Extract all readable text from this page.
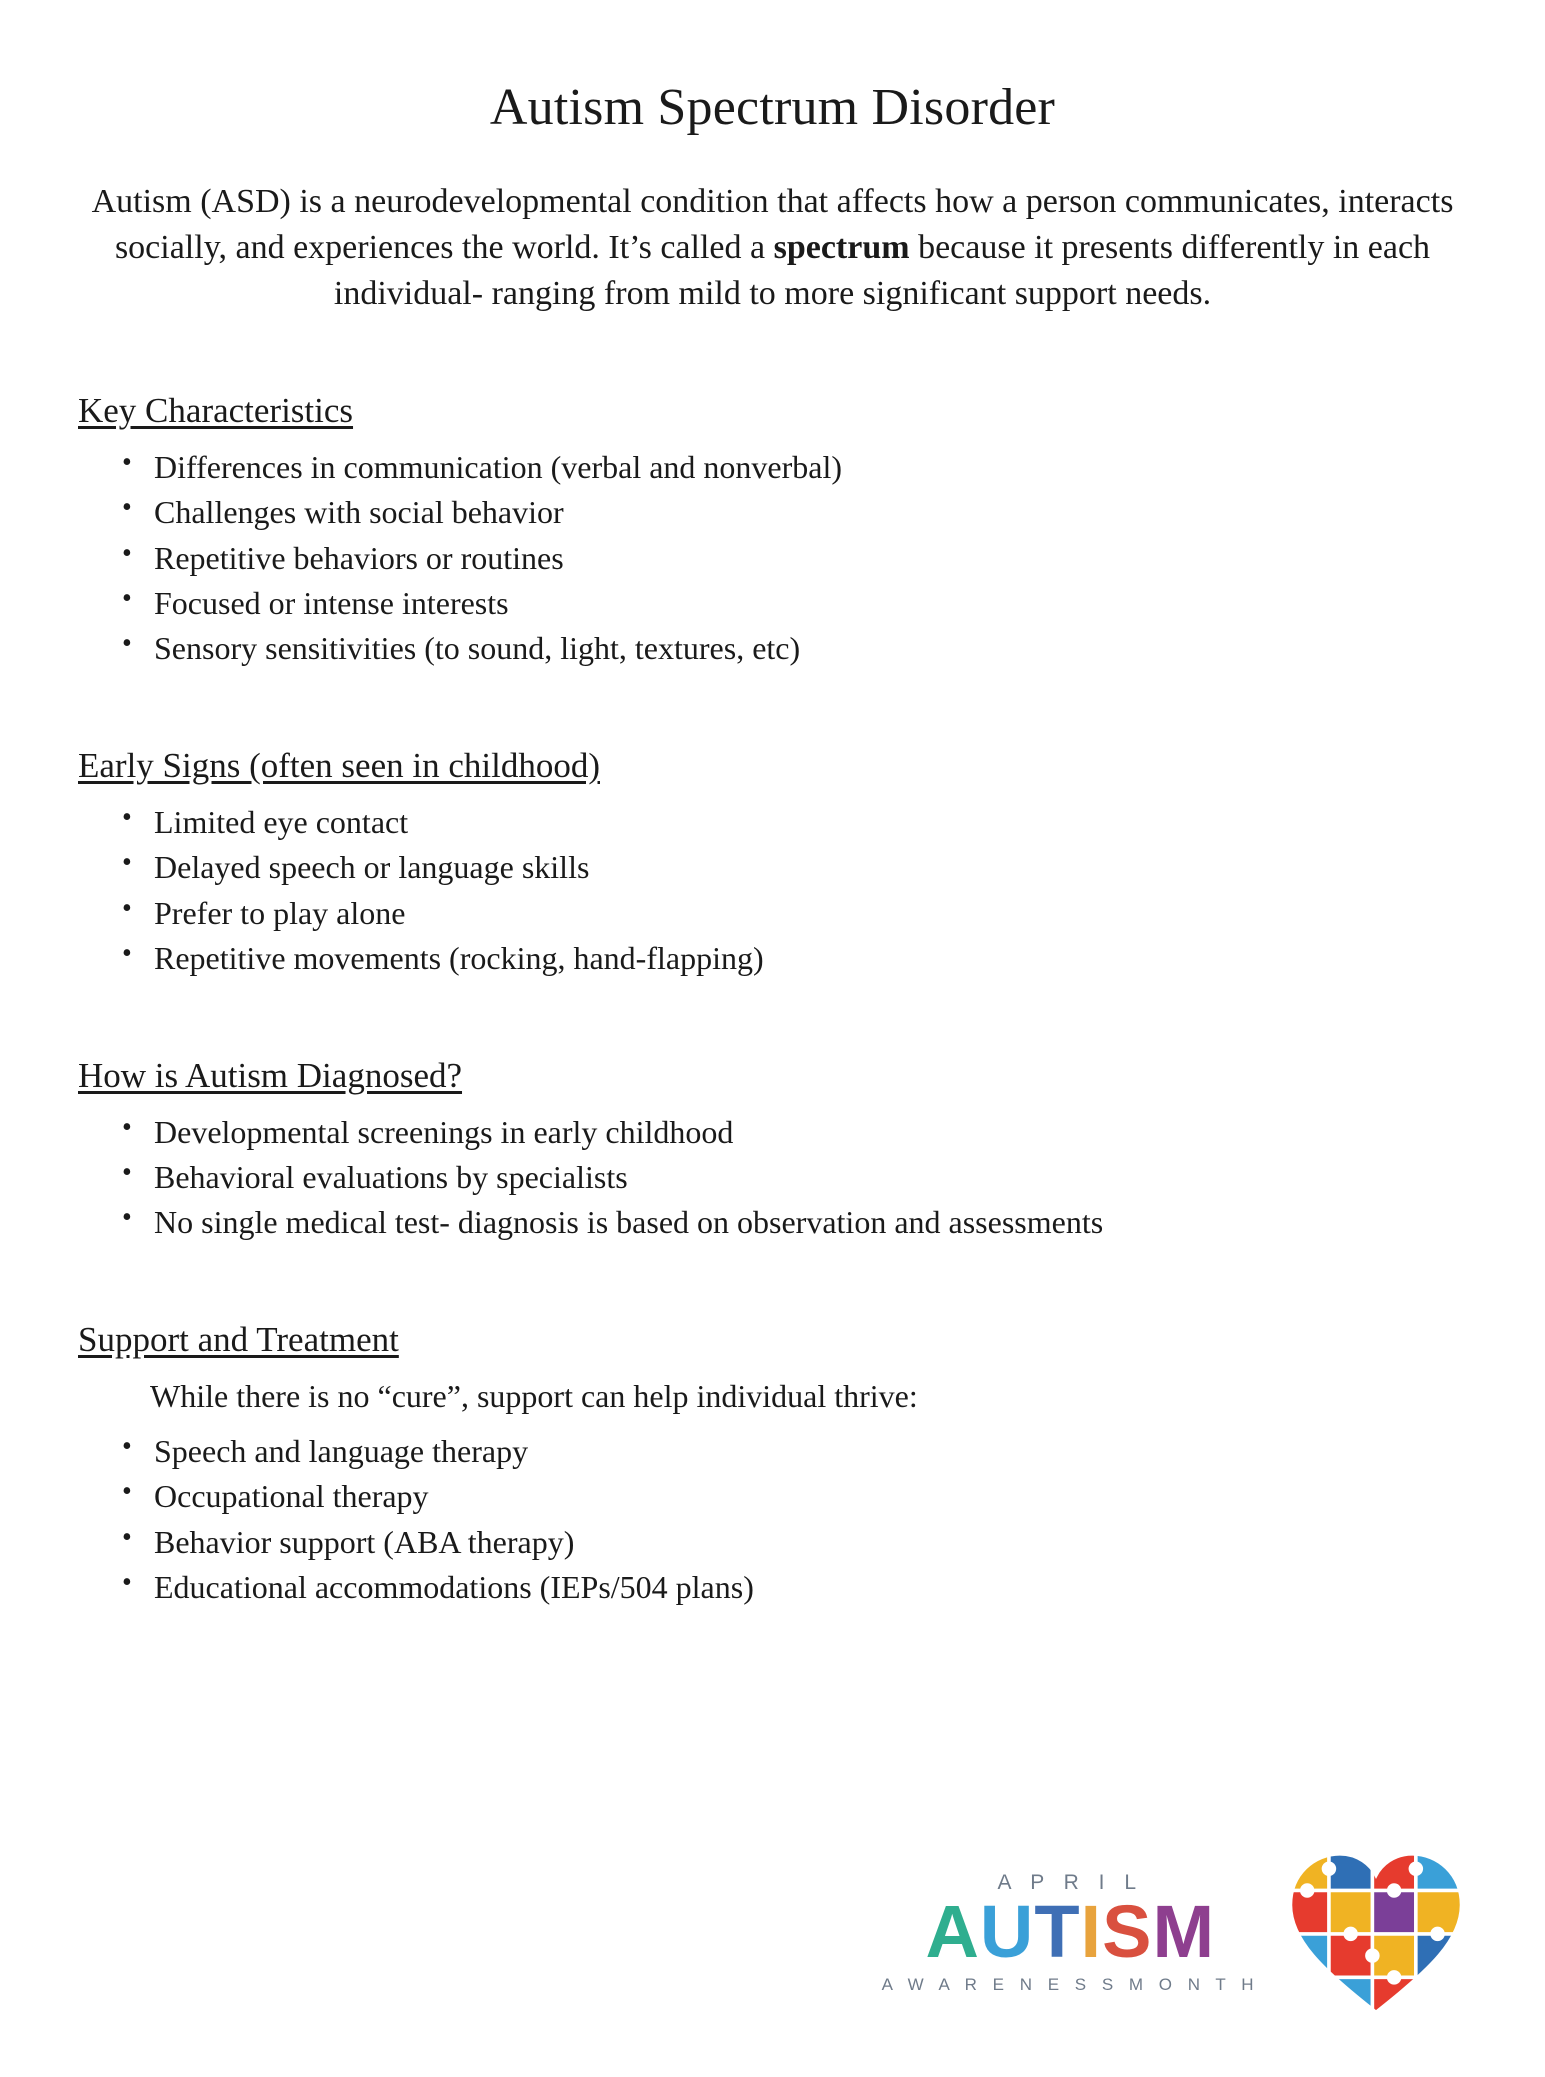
Autism Spectrum Disorder

Autism (ASD) is a neurodevelopmental condition that affects how a person communicates, interacts socially, and experiences the world. It’s called a spectrum because it presents differently in each individual- ranging from mild to more significant support needs.

Key Characteristics
• Differences in communication (verbal and nonverbal)
• Challenges with social behavior
• Repetitive behaviors or routines
• Focused or intense interests
• Sensory sensitivities (to sound, light, textures, etc)
Early Signs (often seen in childhood)
• Limited eye contact
• Delayed speech or language skills
• Prefer to play alone
• Repetitive movements (rocking, hand-flapping)
How is Autism Diagnosed?
• Developmental screenings in early childhood
• Behavioral evaluations by specialists
• No single medical test- diagnosis is based on observation and assessments
Support and Treatment
While there is no “cure”, support can help individual thrive:
• Speech and language therapy
• Occupational therapy
• Behavior support (ABA therapy)
• Educational accommodations (IEPs/504 plans)
A P R I L
A U T I S M
A W A R E N E S S M O N T H
